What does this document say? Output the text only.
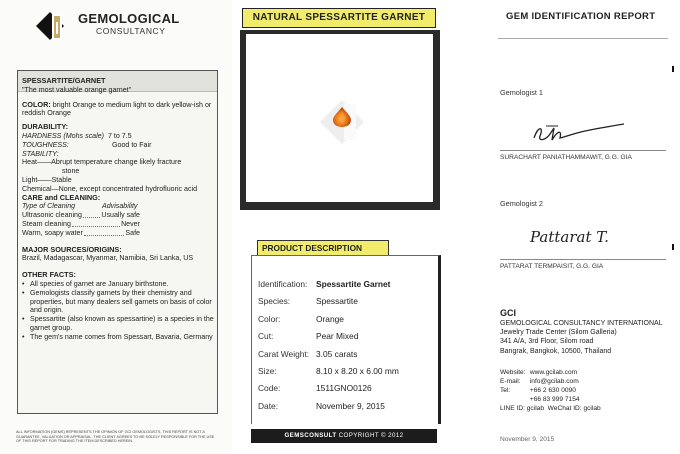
GEMOLOGICAL
CONSULTANCY
SPESSARTITE/GARNET
"The most valuable orange garnet"
COLOR: bright Orange to medium light to dark yellow-ish or reddish Orange
DURABILITY:
HARDNESS (Mohs scale) 7 to 7.5
TOUGHNESS:	Good to Fair
STABILITY:
Heat——Abrupt temperature change likely fracture
stone
Light——Stable
Chemical—None, except concentrated hydrofluoric acid
CARE and CLEANING:
Type of Cleaning	Advisability
Ultrasonic cleaning	Usually safe
Steam cleaning	Never
Warm, soapy water	Safe
MAJOR SOURCES/ORIGINS:
Brazil, Madagascar, Myanmar, Namibia, Sri Lanka, US
OTHER FACTS:
• All species of garnet are January birthstone.
• Gemologists classify garnets by their chemistry and properties, but many dealers sell garnets on basis of color and origin.
• Spessartite (also known as spessartine) is a species in the garnet group.
• The gem's name comes from Spessart, Bavaria, Germany
ALL INFORMATION (GEMS) REPRESENTS THE OPINION OF GCI GEMOLOGISTS. THIS REPORT IS NOT A GUARANTEE, VALUATION OR APPRAISAL. THE CLIENT AGREES TO BE SOLELY RESPONSIBLE FOR THE USE OF THIS REPORT FOR TRADING THE ITEM DESCRIBED HEREIN.
NATURAL SPESSARTITE GARNET
PRODUCT DESCRIPTION
Identification: Spessartite Garnet
Species:	Spessartite
Color:	Orange
Cut:	Pear Mixed
Carat Weight: 3.05 carats
Size:	8.10 x 8.20 x 6.00 mm
Code:	1511GNO0126
Date:	November 9, 2015
GEMSCONSULT COPYRIGHT © 2012
GEM IDENTIFICATION REPORT
Gemologist 1
SURACHART PANIATHAMMAWIT, G.G. GIA
Gemologist 2
Pattarat T.
PATTARAT TERMPAISIT, G.G. GIA
GCI
GEMOLOGICAL CONSULTANCY INTERNATIONAL
Jewelry Trade Center (Silom Galleria)
341 A/A, 3rd Floor, Silom road
Bangrak, Bangkok, 10500, Thailand
Website: www.gcilab.com
E-mail: info@gcilab.com
Tel:	+66 2 630 0090
+66 83 999 7154
LINE ID: gcilab WeChat ID: gcilab
November 9, 2015
